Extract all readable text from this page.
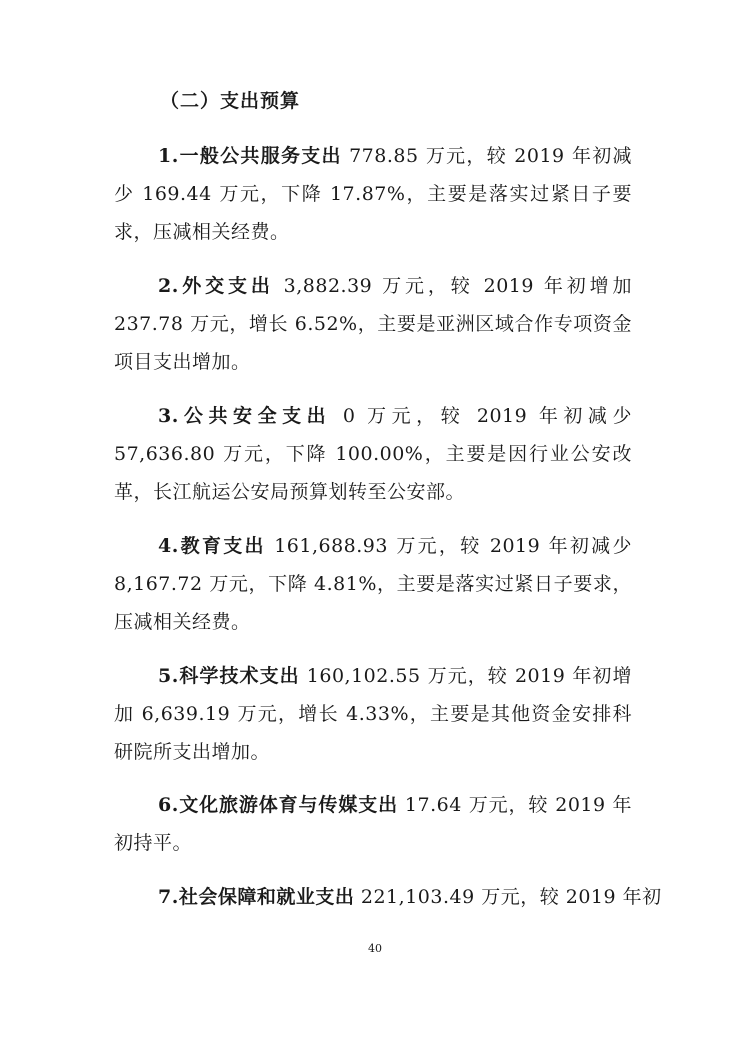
（二）支出预算

1.一般公共服务支出 778.85 万元，较 2019 年初减少 169.44 万元，下降 17.87%，主要是落实过紧日子要求，压减相关经费。

2.外交支出 3,882.39 万元，较 2019 年初增加 237.78 万元，增长 6.52%，主要是亚洲区域合作专项资金项目支出增加。

3.公共安全支出 0 万元，较 2019 年初减少 57,636.80 万元，下降 100.00%，主要是因行业公安改革，长江航运公安局预算划转至公安部。

4.教育支出 161,688.93 万元，较 2019 年初减少 8,167.72 万元，下降 4.81%，主要是落实过紧日子要求，压减相关经费。

5.科学技术支出 160,102.55 万元，较 2019 年初增加 6,639.19 万元，增长 4.33%，主要是其他资金安排科研院所支出增加。

6.文化旅游体育与传媒支出 17.64 万元，较 2019 年初持平。

7.社会保障和就业支出 221,103.49 万元，较 2019 年初

40
